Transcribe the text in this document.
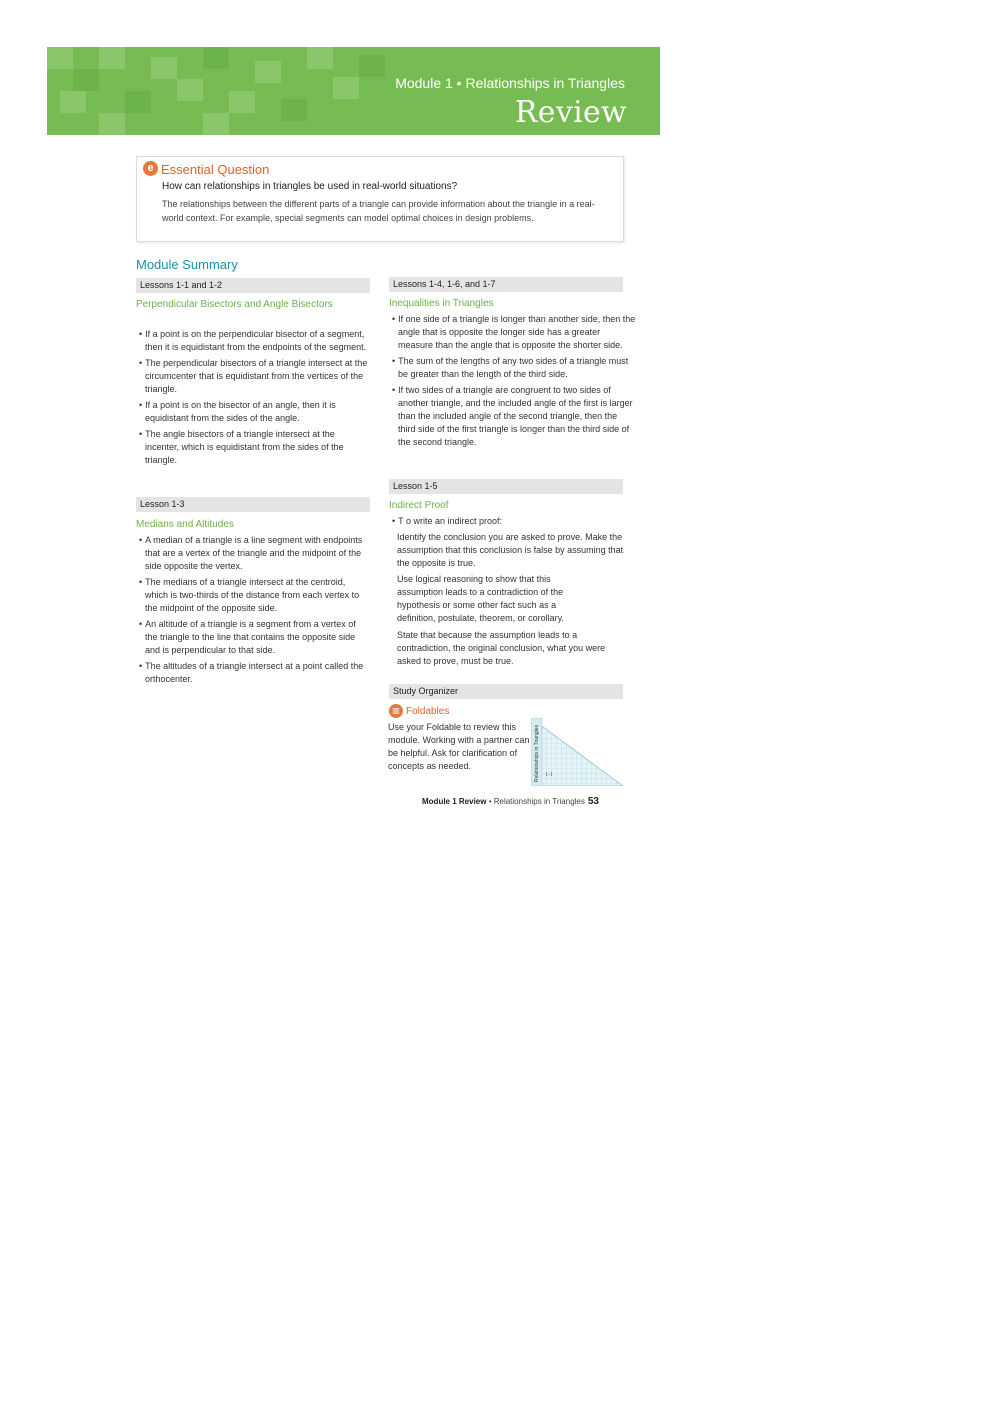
Module 1 • Relationships in Triangles
Review
e Essential Question
How can relationships in triangles be used in real-world situations?
The relationships between the different parts of a triangle can provide information about the triangle in a real-world context. For example, special segments can model optimal choices in design problems.
Module Summary
Lessons 1-1 and 1-2
Perpendicular Bisectors and Angle Bisectors
• If a point is on the perpendicular bisector of a segment, then it is equidistant from the endpoints of the segment.
• The perpendicular bisectors of a triangle intersect at the circumcenter that is equidistant from the vertices of the triangle.
• If a point is on the bisector of an angle, then it is equidistant from the sides of the angle.
• The angle bisectors of a triangle intersect at the incenter, which is equidistant from the sides of the triangle.
Lesson 1-3
Medians and Altitudes
• A median of a triangle is a line segment with endpoints that are a vertex of the triangle and the midpoint of the side opposite the vertex.
• The medians of a triangle intersect at the centroid, which is two-thirds of the distance from each vertex to the midpoint of the opposite side.
• An altitude of a triangle is a segment from a vertex of the triangle to the line that contains the opposite side and is perpendicular to that side.
• The altitudes of a triangle intersect at a point called the orthocenter.
Lessons 1-4, 1-6, and 1-7
Inequalities in Triangles
• If one side of a triangle is longer than another side, then the angle that is opposite the longer side has a greater measure than the angle that is opposite the shorter side.
• The sum of the lengths of any two sides of a triangle must be greater than the length of the third side.
• If two sides of a triangle are congruent to two sides of another triangle, and the included angle of the first is larger than the included angle of the second triangle, then the third side of the first triangle is longer than the third side of the second triangle.
Lesson 1-5
Indirect Proof
• T o write an indirect proof:
Identify the conclusion you are asked to prove. Make the assumption that this conclusion is false by assuming that the opposite is true.
Use logical reasoning to show that this assumption leads to a contradiction of the hypothesis or some other fact such as a definition, postulate, theorem, or corollary.
State that because the assumption leads to a contradiction, the original conclusion, what you were asked to prove, must be true.
Study Organizer
▥ Foldables
Use your Foldable to review this module. Working with a partner can be helpful. Ask for clarification of concepts as needed.	Relationships in Triangles 1-1
Module 1 Review • Relationships in Triangles 53
